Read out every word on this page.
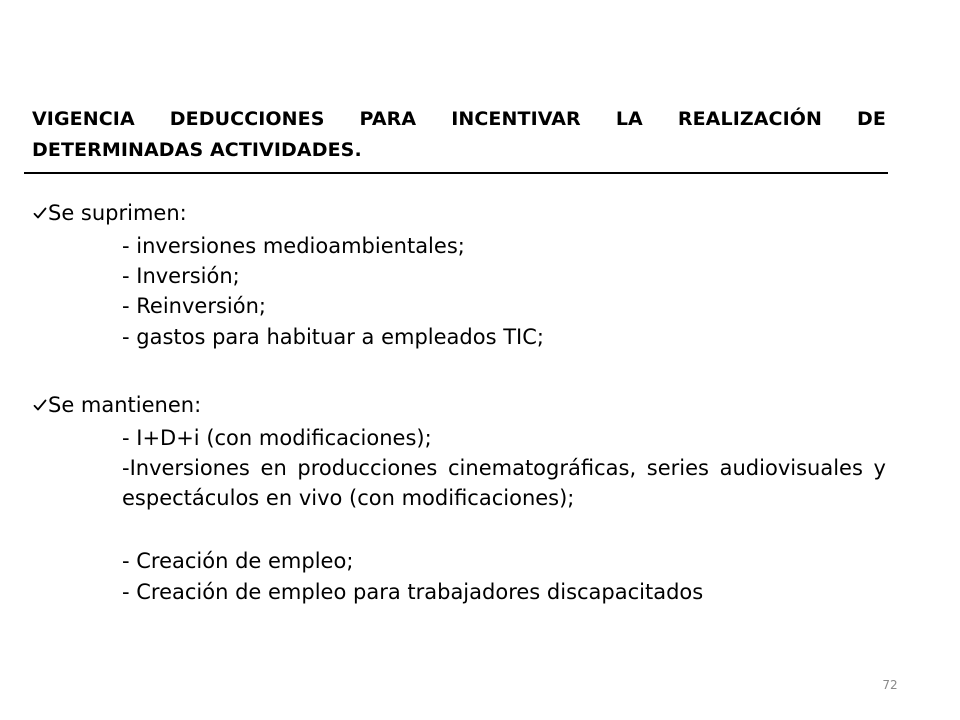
VIGENCIA DEDUCCIONES PARA INCENTIVAR LA REALIZACIÓN DE DETERMINADAS ACTIVIDADES.
Se suprimen:
- inversiones medioambientales;
- Inversión;
- Reinversión;
- gastos para habituar a empleados TIC;
Se mantienen:
- I+D+i (con modificaciones);
-Inversiones en producciones cinematográficas, series audiovisuales y espectáculos en vivo (con modificaciones);
- Creación de empleo;
- Creación de empleo para trabajadores discapacitados
72
